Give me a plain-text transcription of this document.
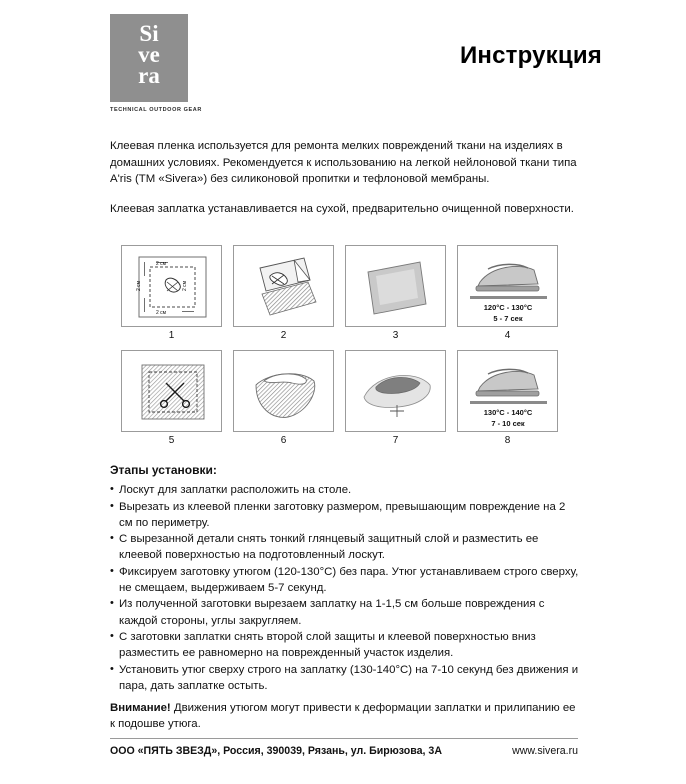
Si
ve
ra
TECHNICAL OUTDOOR GEAR
Инструкция

Клеевая пленка используется для ремонта мелких повреждений ткани на изделиях в домашних условиях. Рекомендуется к использованию на легкой нейлоновой ткани типа A'ris (ТМ «Sivera») без силиконовой пропитки и тефлоновой мембраны.

Клеевая заплатка устанавливается на сухой, предварительно очищенной поверхности.

2 см
2 см	2 см
2 см
1	2	3
120°C - 130°C
5 - 7 сек
4
5	6	7
130°C - 140°C
7 - 10 сек
8
Этапы установки:
• Лоскут для заплатки расположить на столе.
• Вырезать из клеевой пленки заготовку размером, превышающим повреждение на 2 см по периметру.
• С вырезанной детали снять тонкий глянцевый защитный слой и разместить ее клеевой поверхностью на подготовленный лоскут.
• Фиксируем заготовку утюгом (120-130°С) без пара. Утюг устанавливаем строго сверху, не смещаем, выдерживаем 5-7 секунд.
• Из полученной заготовки вырезаем заплатку на 1-1,5 см больше повреждения с каждой стороны, углы закругляем.
• С заготовки заплатки снять второй слой защиты и клеевой поверхностью вниз разместить ее равномерно на поврежденный участок изделия.
• Установить утюг сверху строго на заплатку (130-140°С) на 7-10 секунд без движения и пара, дать заплатке остыть.
Внимание! Движения утюгом могут привести к деформации заплатки и прилипанию ее к подошве утюга.
ООО «ПЯТЬ ЗВЕЗД», Россия, 390039, Рязань, ул. Бирюзова, 3А	www.sivera.ru
